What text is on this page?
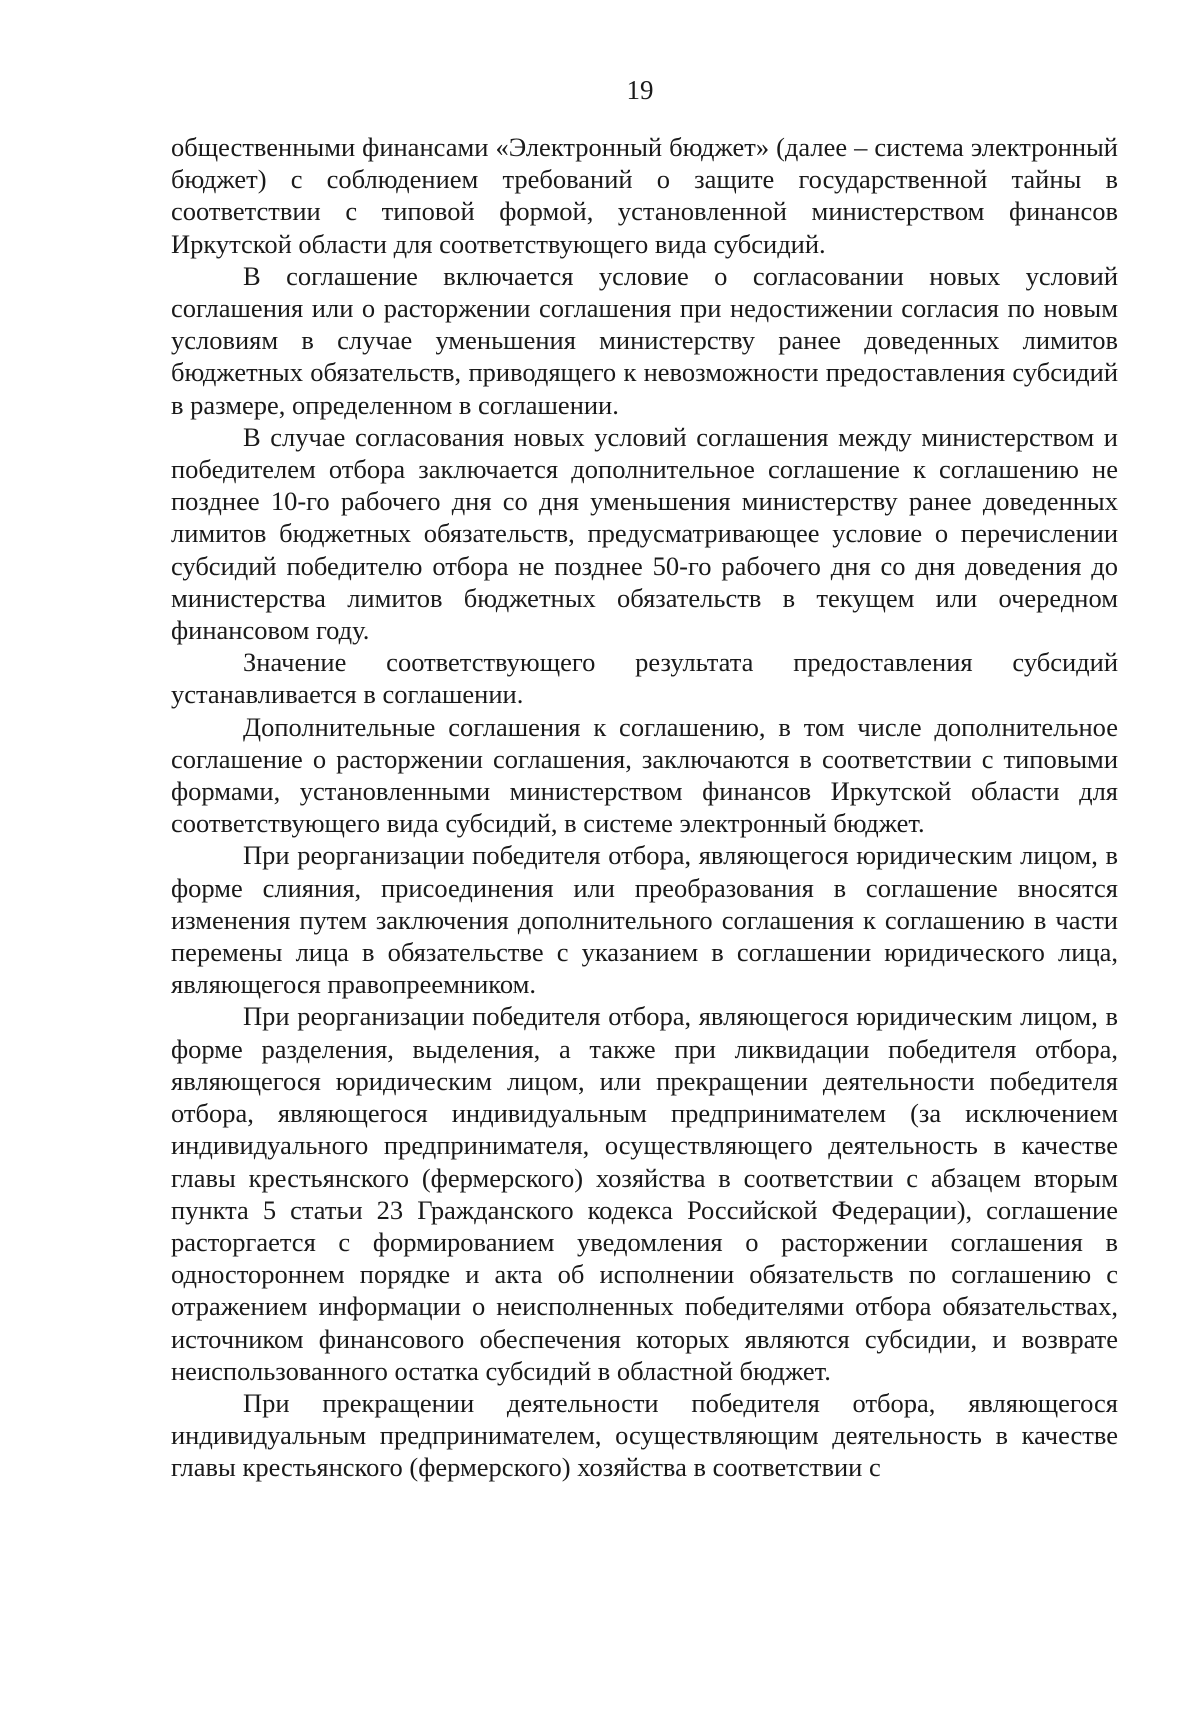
19

общественными финансами «Электронный бюджет» (далее – система электронный бюджет) с соблюдением требований о защите государственной тайны в соответствии с типовой формой, установленной министерством финансов Иркутской области для соответствующего вида субсидий.

В соглашение включается условие о согласовании новых условий соглашения или о расторжении соглашения при недостижении согласия по новым условиям в случае уменьшения министерству ранее доведенных лимитов бюджетных обязательств, приводящего к невозможности предоставления субсидий в размере, определенном в соглашении.

В случае согласования новых условий соглашения между министерством и победителем отбора заключается дополнительное соглашение к соглашению не позднее 10-го рабочего дня со дня уменьшения министерству ранее доведенных лимитов бюджетных обязательств, предусматривающее условие о перечислении субсидий победителю отбора не позднее 50-го рабочего дня со дня доведения до министерства лимитов бюджетных обязательств в текущем или очередном финансовом году.

Значение соответствующего результата предоставления субсидий устанавливается в соглашении.

Дополнительные соглашения к соглашению, в том числе дополнительное соглашение о расторжении соглашения, заключаются в соответствии с типовыми формами, установленными министерством финансов Иркутской области для соответствующего вида субсидий, в системе электронный бюджет.

При реорганизации победителя отбора, являющегося юридическим лицом, в форме слияния, присоединения или преобразования в соглашение вносятся изменения путем заключения дополнительного соглашения к соглашению в части перемены лица в обязательстве с указанием в соглашении юридического лица, являющегося правопреемником.

При реорганизации победителя отбора, являющегося юридическим лицом, в форме разделения, выделения, а также при ликвидации победителя отбора, являющегося юридическим лицом, или прекращении деятельности победителя отбора, являющегося индивидуальным предпринимателем (за исключением индивидуального предпринимателя, осуществляющего деятельность в качестве главы крестьянского (фермерского) хозяйства в соответствии с абзацем вторым пункта 5 статьи 23 Гражданского кодекса Российской Федерации), соглашение расторгается с формированием уведомления о расторжении соглашения в одностороннем порядке и акта об исполнении обязательств по соглашению с отражением информации о неисполненных победителями отбора обязательствах, источником финансового обеспечения которых являются субсидии, и возврате неиспользованного остатка субсидий в областной бюджет.

При прекращении деятельности победителя отбора, являющегося индивидуальным предпринимателем, осуществляющим деятельность в качестве главы крестьянского (фермерского) хозяйства в соответствии с
